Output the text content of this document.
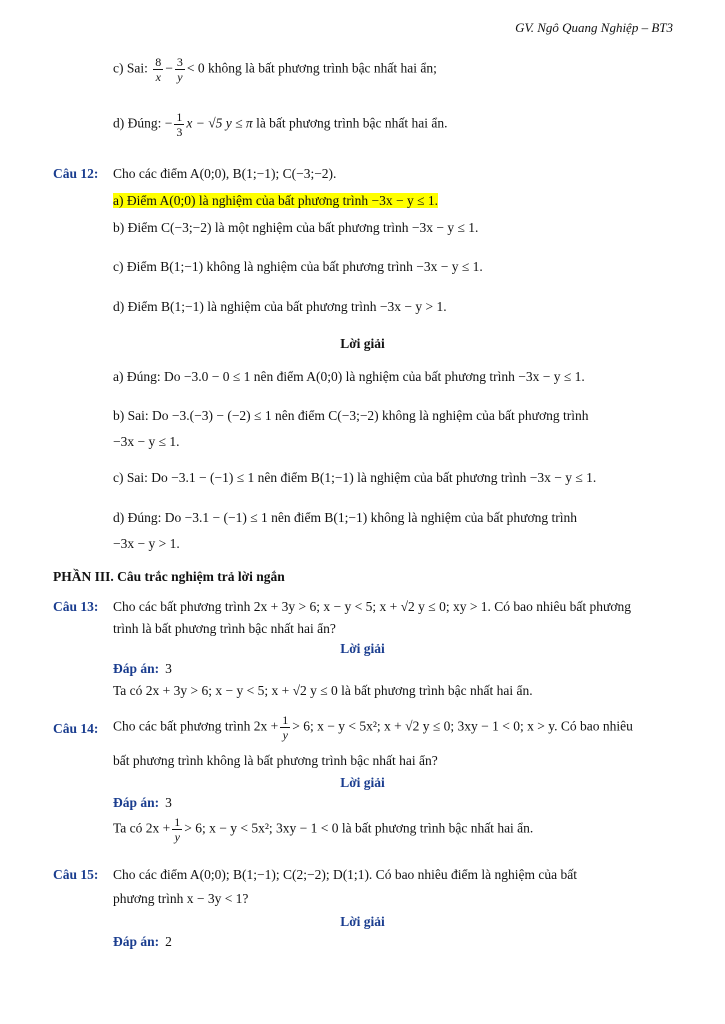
GV. Ngô Quang Nghiệp – BT3
c) Sai: $\frac{8}{x} - \frac{3}{y} < 0$ không là bất phương trình bậc nhất hai ẩn;
d) Đúng: − $\frac{1}{3}$ x − √5 y ≤ π là bất phương trình bậc nhất hai ẩn.
Câu 12: Cho các điểm A(0;0), B(1;−1); C(−3;−2).
a) Điểm A(0;0) là nghiệm của bất phương trình −3x − y ≤ 1.
b) Điểm C(−3;−2) là một nghiệm của bất phương trình −3x − y ≤ 1.
c) Điểm B(1;−1) không là nghiệm của bất phương trình −3x − y ≤ 1.
d) Điểm B(1;−1) là nghiệm của bất phương trình −3x − y > 1.
Lời giải
a) Đúng: Do −3.0 − 0 ≤ 1 nên điểm A(0;0) là nghiệm của bất phương trình −3x − y ≤ 1.
b) Sai: Do −3.(−3) − (−2) ≤ 1 nên điểm C(−3;−2) không là nghiệm của bất phương trình
−3x − y ≤ 1.
c) Sai: Do −3.1 − (−1) ≤ 1 nên điểm B(1;−1) là nghiệm của bất phương trình −3x − y ≤ 1.
d) Đúng: Do −3.1 − (−1) ≤ 1 nên điểm B(1;−1) không là nghiệm của bất phương trình
−3x − y > 1.
PHẦN III. Câu trắc nghiệm trả lời ngắn
Câu 13: Cho các bất phương trình 2x + 3y > 6; x − y < 5; x + √2 y ≤ 0; xy > 1. Có bao nhiêu bất phương
trình là bất phương trình bậc nhất hai ẩn?
Lời giải
Đáp án: 3
Ta có 2x + 3y > 6; x − y < 5; x + √2 y ≤ 0 là bất phương trình bậc nhất hai ẩn.
Câu 14: Cho các bất phương trình $2x + \frac{1}{y} > 6$; x − y < 5x²; x + √2 y ≤ 0; 3xy − 1 < 0; x > y. Có bao nhiêu
bất phương trình không là bất phương trình bậc nhất hai ẩn?
Lời giải
Đáp án: 3
Ta có $2x + \frac{1}{y} > 6$; x − y < 5x²; 3xy − 1 < 0 là bất phương trình bậc nhất hai ẩn.
Câu 15: Cho các điểm A(0;0); B(1;−1); C(2;−2); D(1;1). Có bao nhiêu điểm là nghiệm của bất
phương trình x − 3y < 1?
Lời giải
Đáp án: 2
